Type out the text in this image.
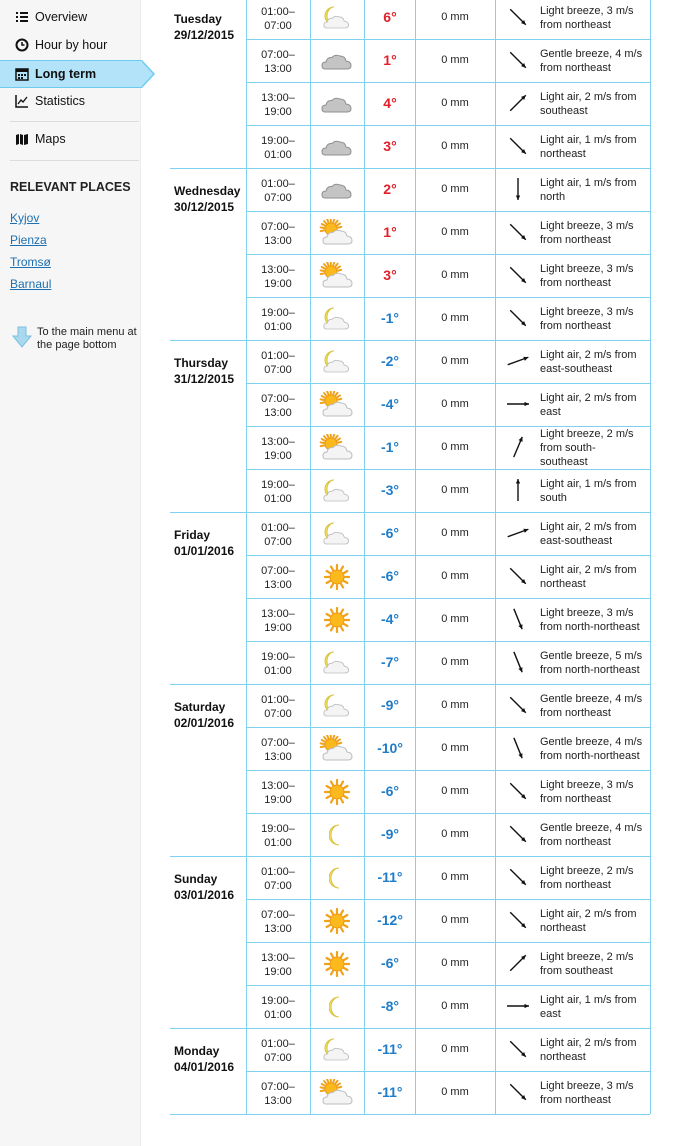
Overview
Hour by hour
Long term
Statistics
Maps
RELEVANT PLACES
Kyjov
Pienza
Tromsø
Barnaul
To the main menu at the page bottom
Tuesday
29/12/2015
01:00–
07:00
6°	0 mm	Light breeze, 3 m/s
from northeast
07:00–
13:00
1°	0 mm	Gentle breeze, 4 m/s
from northeast
13:00–
19:00
4°	0 mm	Light air, 2 m/s from
southeast
19:00–
01:00
3°	0 mm	Light air, 1 m/s from
northeast
Wednesday
30/12/2015
01:00–
07:00
2°	0 mm	Light air, 1 m/s from
north
07:00–
13:00
1°	0 mm	Light breeze, 3 m/s
from northeast
13:00–
19:00
3°	0 mm	Light breeze, 3 m/s
from northeast
19:00–
01:00
-1°	0 mm	Light breeze, 3 m/s
from northeast
Thursday
31/12/2015
01:00–
07:00
-2°	0 mm	Light air, 2 m/s from
east-southeast
07:00–
13:00
-4°	0 mm	Light air, 2 m/s from
east
13:00–
19:00
-1°	0 mm
Light breeze, 2 m/s
from south-
southeast
19:00–
01:00
-3°	0 mm	Light air, 1 m/s from
south
Friday
01/01/2016
01:00–
07:00
-6°	0 mm	Light air, 2 m/s from
east-southeast
07:00–
13:00
-6°	0 mm	Light air, 2 m/s from
northeast
13:00–
19:00
-4°	0 mm	Light breeze, 3 m/s
from north-northeast
19:00–
01:00
-7°	0 mm	Gentle breeze, 5 m/s
from north-northeast
Saturday
02/01/2016
01:00–
07:00
-9°	0 mm	Gentle breeze, 4 m/s
from northeast
07:00–
13:00
-10°	0 mm	Gentle breeze, 4 m/s
from north-northeast
13:00–
19:00
-6°	0 mm	Light breeze, 3 m/s
from northeast
19:00–
01:00
-9°	0 mm	Gentle breeze, 4 m/s
from northeast
Sunday
03/01/2016
01:00–
07:00
-11°	0 mm	Light breeze, 2 m/s
from northeast
07:00–
13:00
-12°	0 mm	Light air, 2 m/s from
northeast
13:00–
19:00
-6°	0 mm	Light breeze, 2 m/s
from southeast
19:00–
01:00
-8°	0 mm	Light air, 1 m/s from
east
Monday
04/01/2016
01:00–
07:00
-11°	0 mm	Light air, 2 m/s from
northeast
07:00–
13:00
-11°	0 mm	Light breeze, 3 m/s
from northeast
